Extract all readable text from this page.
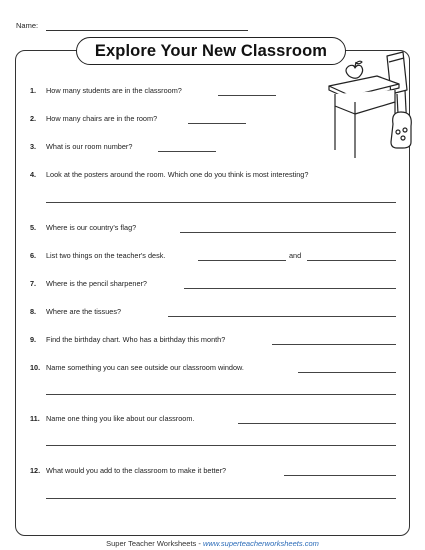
Name:
Explore Your New Classroom
1. How many students are in the classroom?
2. How many chairs are in the room?
3. What is our room number?
4. Look at the posters around the room. Which one do you think is most interesting?
5. Where is our country's flag?
6. List two things on the teacher's desk.	and
7. Where is the pencil sharpener?
8. Where are the tissues?
9. Find the birthday chart. Who has a birthday this month?
10. Name something you can see outside our classroom window.
11. Name one thing you like about our classroom.
12. What would you add to the classroom to make it better?
Super Teacher Worksheets - www.superteacherworksheets.com
